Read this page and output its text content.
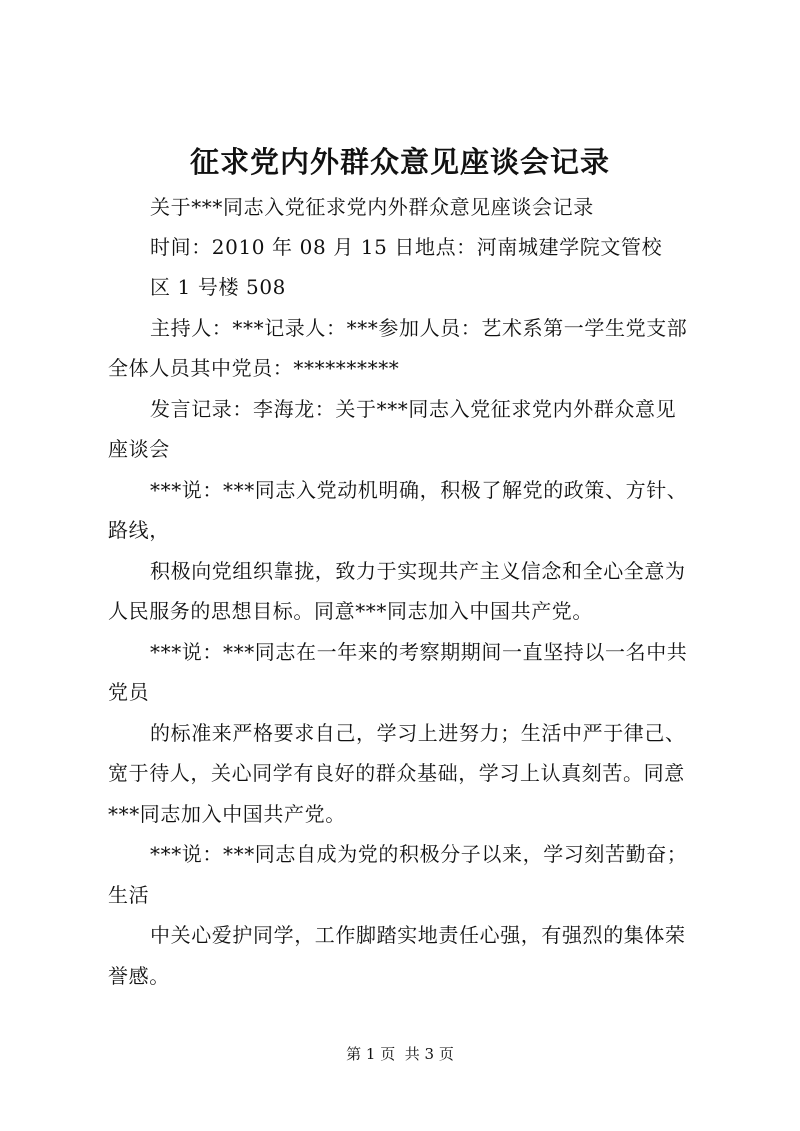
征求党内外群众意见座谈会记录
关于***同志入党征求党内外群众意见座谈会记录
时间：2010 年 08 月 15 日地点：河南城建学院文管校
区 1 号楼 508
主持人：***记录人：***参加人员：艺术系第一学生党支部
全体人员其中党员：**********
发言记录：李海龙：关于***同志入党征求党内外群众意见
座谈会
***说：***同志入党动机明确，积极了解党的政策、方针、
路线，
积极向党组织靠拢，致力于实现共产主义信念和全心全意为
人民服务的思想目标。同意***同志加入中国共产党。
***说：***同志在一年来的考察期期间一直坚持以一名中共
党员
的标准来严格要求自己，学习上进努力；生活中严于律己、
宽于待人，关心同学有良好的群众基础，学习上认真刻苦。同意
***同志加入中国共产党。
***说：***同志自成为党的积极分子以来，学习刻苦勤奋；
生活
中关心爱护同学，工作脚踏实地责任心强，有强烈的集体荣
誉感。
第 1 页  共 3 页
